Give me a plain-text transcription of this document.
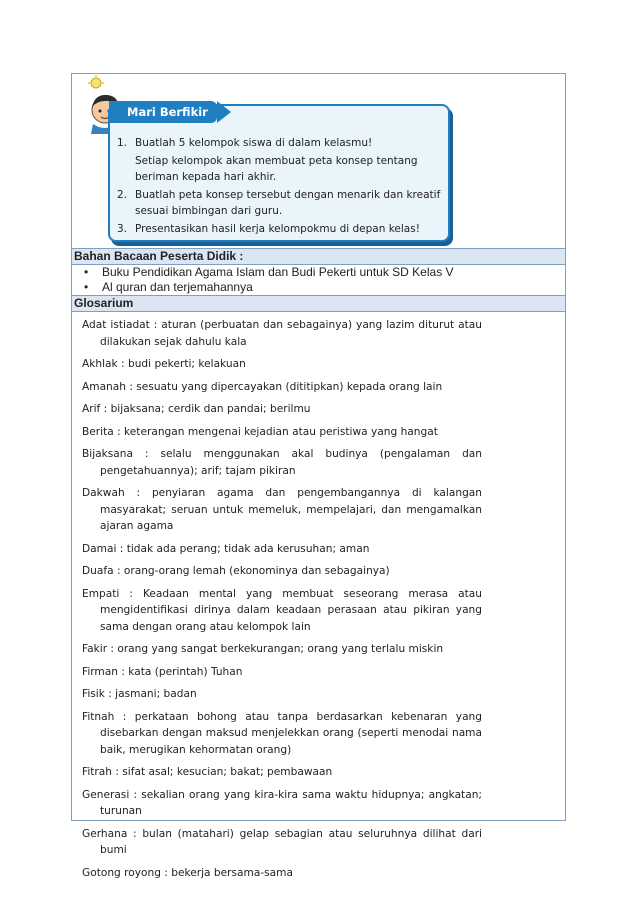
Mari Berfikir
1. Buatlah 5 kelompok siswa di dalam kelasmu!
Setiap kelompok akan membuat peta konsep tentang beriman kepada hari akhir.
2. Buatlah peta konsep tersebut dengan menarik dan kreatif sesuai bimbingan dari guru.
3. Presentasikan hasil kerja kelompokmu di depan kelas!
Bahan Bacaan Peserta Didik :
• Buku Pendidikan Agama Islam dan Budi Pekerti untuk SD Kelas V
• Al quran dan terjemahannya
Glosarium
Adat istiadat : aturan (perbuatan dan sebagainya) yang lazim diturut atau dilakukan sejak dahulu kala
Akhlak : budi pekerti; kelakuan
Amanah : sesuatu yang dipercayakan (dititipkan) kepada orang lain
Arif : bijaksana; cerdik dan pandai; berilmu
Berita : keterangan mengenai kejadian atau peristiwa yang hangat
Bijaksana : selalu menggunakan akal budinya (pengalaman dan pengetahuannya); arif; tajam pikiran
Dakwah : penyiaran agama dan pengembangannya di kalangan masyarakat; seruan untuk memeluk, mempelajari, dan mengamalkan ajaran agama
Damai : tidak ada perang; tidak ada kerusuhan; aman
Duafa : orang-orang lemah (ekonominya dan sebagainya)
Empati : Keadaan mental yang membuat seseorang merasa atau mengidentifikasi dirinya dalam keadaan perasaan atau pikiran yang sama dengan orang atau kelompok lain
Fakir : orang yang sangat berkekurangan; orang yang terlalu miskin
Firman : kata (perintah) Tuhan
Fisik : jasmani; badan
Fitnah : perkataan bohong atau tanpa berdasarkan kebenaran yang disebarkan dengan maksud menjelekkan orang (seperti menodai nama baik, merugikan kehormatan orang)
Fitrah : sifat asal; kesucian; bakat; pembawaan
Generasi : sekalian orang yang kira-kira sama waktu hidupnya; angkatan; turunan
Gerhana : bulan (matahari) gelap sebagian atau seluruhnya dilihat dari bumi
Gotong royong : bekerja bersama-sama
